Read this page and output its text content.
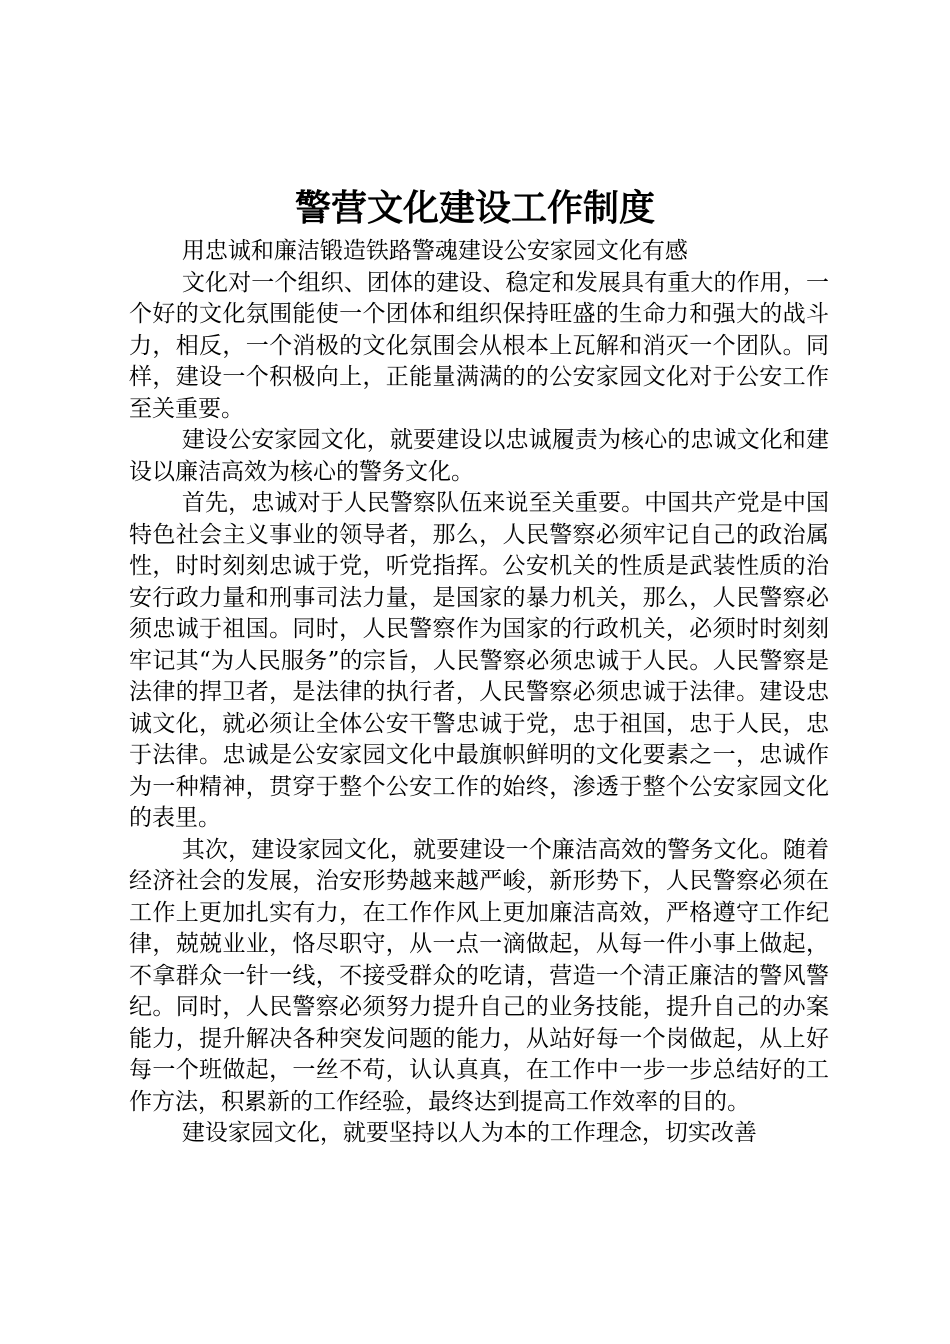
警营文化建设工作制度

用忠诚和廉洁锻造铁路警魂建设公安家园文化有感

文化对一个组织、团体的建设、稳定和发展具有重大的作用，一个好的文化氛围能使一个团体和组织保持旺盛的生命力和强大的战斗力，相反，一个消极的文化氛围会从根本上瓦解和消灭一个团队。同样，建设一个积极向上，正能量满满的的公安家园文化对于公安工作至关重要。

建设公安家园文化，就要建设以忠诚履责为核心的忠诚文化和建设以廉洁高效为核心的警务文化。

首先，忠诚对于人民警察队伍来说至关重要。中国共产党是中国特色社会主义事业的领导者，那么，人民警察必须牢记自己的政治属性，时时刻刻忠诚于党，听党指挥。公安机关的性质是武装性质的治安行政力量和刑事司法力量，是国家的暴力机关，那么，人民警察必须忠诚于祖国。同时，人民警察作为国家的行政机关，必须时时刻刻牢记其“为人民服务”的宗旨，人民警察必须忠诚于人民。人民警察是法律的捍卫者，是法律的执行者，人民警察必须忠诚于法律。建设忠诚文化，就必须让全体公安干警忠诚于党，忠于祖国，忠于人民，忠于法律。忠诚是公安家园文化中最旗帜鲜明的文化要素之一，忠诚作为一种精神，贯穿于整个公安工作的始终，渗透于整个公安家园文化的表里。

其次，建设家园文化，就要建设一个廉洁高效的警务文化。随着经济社会的发展，治安形势越来越严峻，新形势下，人民警察必须在工作上更加扎实有力，在工作作风上更加廉洁高效，严格遵守工作纪律，兢兢业业，恪尽职守，从一点一滴做起，从每一件小事上做起，不拿群众一针一线，不接受群众的吃请，营造一个清正廉洁的警风警纪。同时，人民警察必须努力提升自己的业务技能，提升自己的办案能力，提升解决各种突发问题的能力，从站好每一个岗做起，从上好每一个班做起，一丝不苟，认认真真，在工作中一步一步总结好的工作方法，积累新的工作经验，最终达到提高工作效率的目的。

建设家园文化，就要坚持以人为本的工作理念，切实改善
